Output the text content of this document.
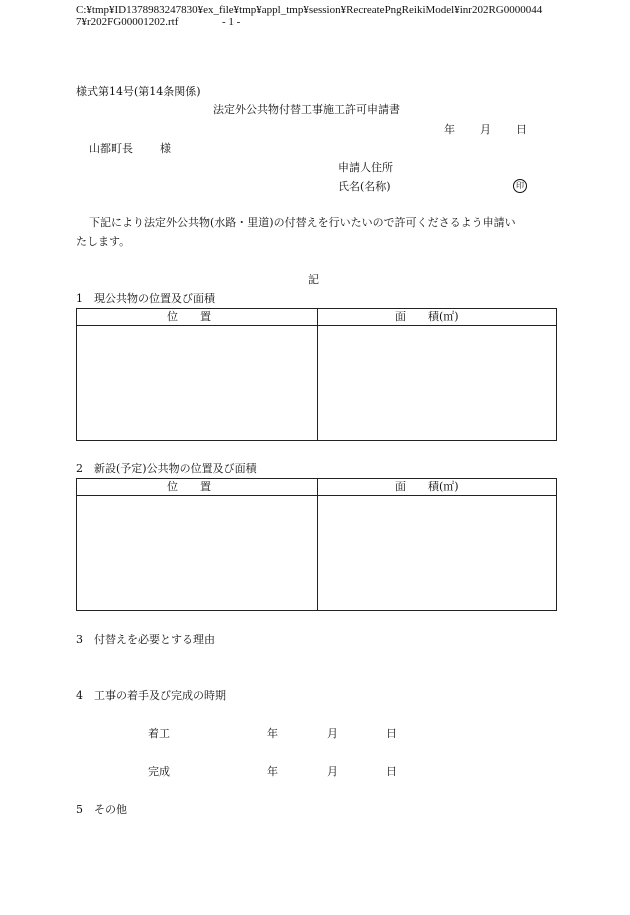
C:¥tmp¥ID1378983247830¥ex_file¥tmp¥appl_tmp¥session¥RecreatePngReikiModel¥inr202RG0000044
7¥r202FG00001202.rtf	- 1 -
様式第14号(第14条関係)
法定外公共物付替工事施工許可申請書
年 月 日
山都町長 様
申請人住所
氏名(名称)	印
下記により法定外公共物(水路・里道)の付替えを行いたいので許可くださるよう申請い
たします。
記
1　現公共物の位置及び面積
位　　置	面　　積(㎡)
2　新設(予定)公共物の位置及び面積
位　　置	面　　積(㎡)
3　付替えを必要とする理由
4　工事の着手及び完成の時期
着工	年	月	日
完成	年	月	日
5　その他
